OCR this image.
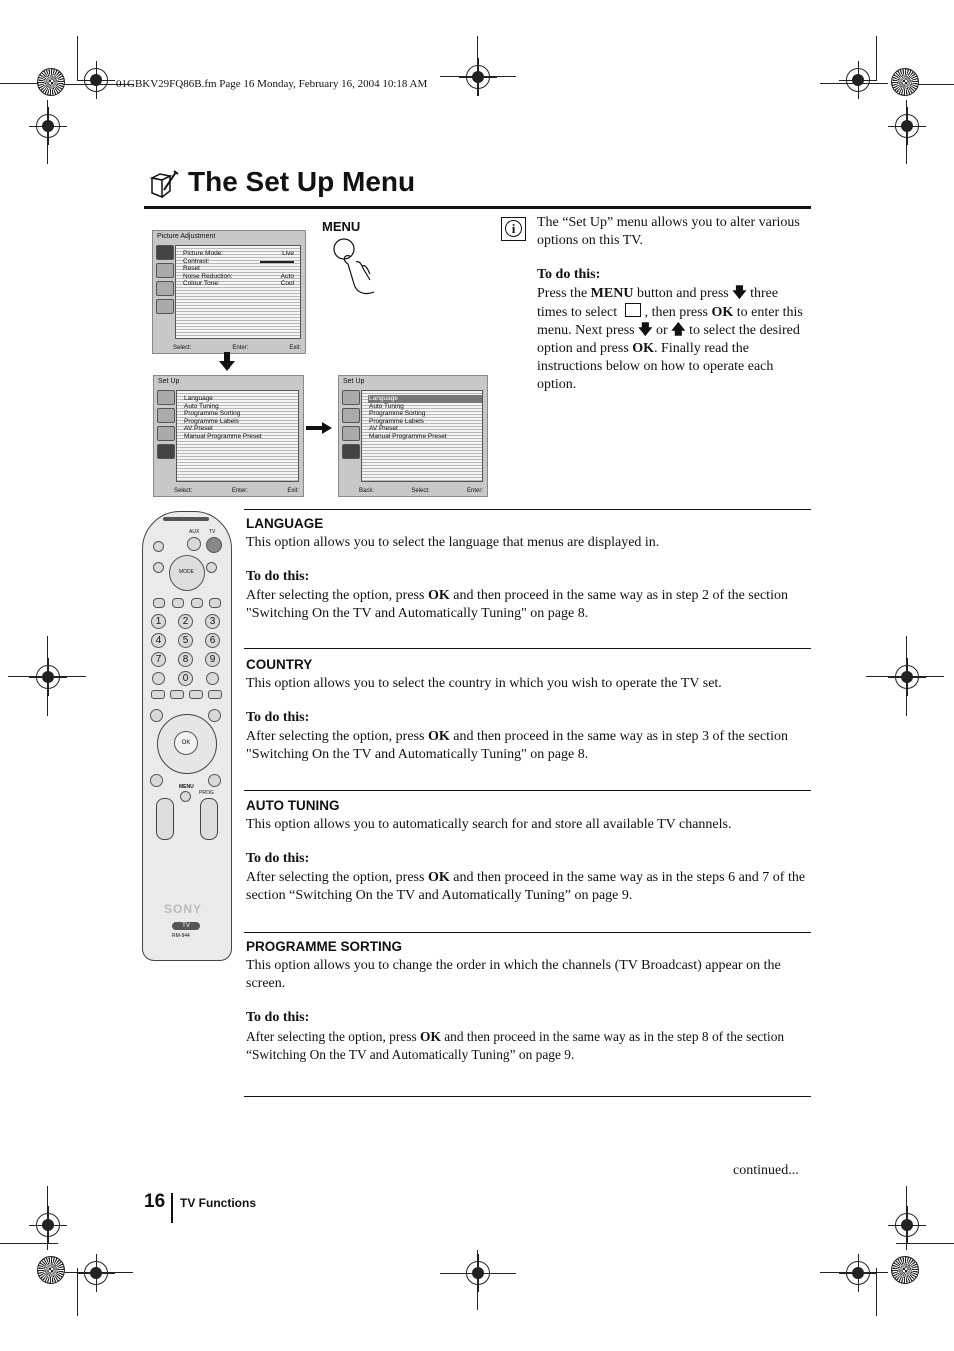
01GBKV29FQ86B.fm Page 16 Monday, February 16, 2004 10:18 AM
The Set Up Menu
Picture Adjustment
Picture Mode:	Live
Contrast:
Reset
Noise Reduction:	Auto
Colour Tone:	Cool
Select:	Enter:	Exit:
MENU
Set Up
Language
Auto Tuning
Programme Sorting
Programme Labels
AV Preset
Manual Programme Preset
Select:	Enter:	Exit:
Set Up
Language
Auto Tuning
Programme Sorting
Programme Labels
AV Preset
Manual Programme Preset
Back:	Select:	Enter:
i	The “Set Up” menu allows you to alter various options on this TV.
To do this:
Press the MENU button and press 🡇 three times to select , then press OK to enter this menu. Next press 🡇 or 🡅 to select the desired option and press OK. Finally read the instructions below on how to operate each option.
AUX TV
MODE
1	2	3
4	5	6
7	8	9
0
OK
MENU
PROG
SONY
TV
RM-944
LANGUAGE
This option allows you to select the language that menus are displayed in.
To do this:
After selecting the option, press OK and then proceed in the same way as in step 2 of the section "Switching On the TV and Automatically Tuning" on page 8.
COUNTRY
This option allows you to select the country in which you wish to operate the TV set.
To do this:
After selecting the option, press OK and then proceed in the same way as in step 3 of the section "Switching On the TV and Automatically Tuning" on page 8.
AUTO TUNING
This option allows you to automatically search for and store all available TV channels.
To do this:
After selecting the option, press OK and then proceed in the same way as in the steps 6 and 7 of the section “Switching On the TV and Automatically Tuning” on page 9.
PROGRAMME SORTING
This option allows you to change the order in which the channels (TV Broadcast) appear on the screen.
To do this:
After selecting the option, press OK and then proceed in the same way as in the step 8 of the section “Switching On the TV and Automatically Tuning” on page 9.
continued...
16 TV Functions
